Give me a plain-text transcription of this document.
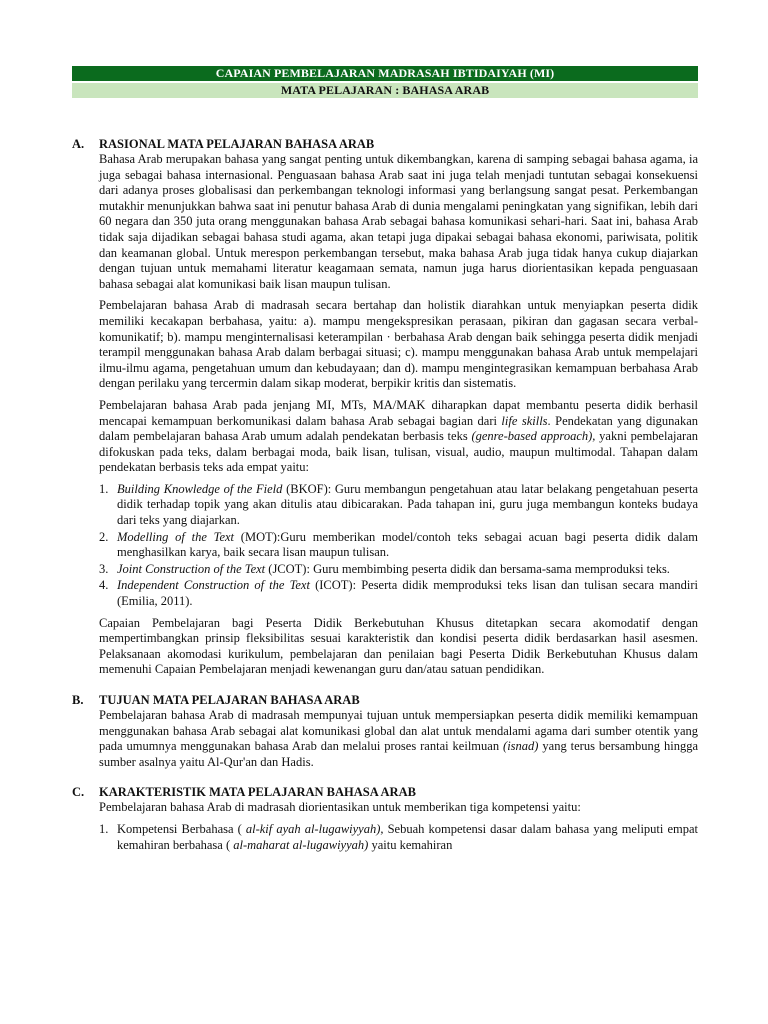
CAPAIAN PEMBELAJARAN MADRASAH IBTIDAIYAH (MI)
MATA PELAJARAN : BAHASA ARAB
A.	RASIONAL MATA PELAJARAN BAHASA ARAB

Bahasa Arab merupakan bahasa yang sangat penting untuk dikembangkan, karena di samping sebagai bahasa agama, ia juga sebagai bahasa internasional. Penguasaan bahasa Arab saat ini juga telah menjadi tuntutan sebagai konsekuensi dari adanya proses globalisasi dan perkembangan teknologi informasi yang berlangsung sangat pesat. Perkembangan mutakhir menunjukkan bahwa saat ini penutur bahasa Arab di dunia mengalami peningkatan yang signifikan, lebih dari 60 negara dan 350 juta orang menggunakan bahasa Arab sebagai bahasa komunikasi sehari-hari. Saat ini, bahasa Arab tidak saja dijadikan sebagai bahasa studi agama, akan tetapi juga dipakai sebagai bahasa ekonomi, pariwisata, politik dan keamanan global. Untuk merespon perkembangan tersebut, maka bahasa Arab juga tidak hanya cukup diajarkan dengan tujuan untuk memahami literatur keagamaan semata, namun juga harus diorientasikan kepada penguasaan bahasa sebagai alat komunikasi baik lisan maupun tulisan.

Pembelajaran bahasa Arab di madrasah secara bertahap dan holistik diarahkan untuk menyiapkan peserta didik memiliki kecakapan berbahasa, yaitu: a). mampu mengekspresikan perasaan, pikiran dan gagasan secara verbal-komunikatif; b). mampu menginternalisasi keterampilan · berbahasa Arab dengan baik sehingga peserta didik menjadi terampil menggunakan bahasa Arab dalam berbagai situasi; c). mampu menggunakan bahasa Arab untuk mempelajari ilmu-ilmu agama, pengetahuan umum dan kebudayaan; dan d). mampu mengintegrasikan kemampuan berbahasa Arab dengan perilaku yang tercermin dalam sikap moderat, berpikir kritis dan sistematis.

Pembelajaran bahasa Arab pada jenjang MI, MTs, MA/MAK diharapkan dapat membantu peserta didik berhasil mencapai kemampuan berkomunikasi dalam bahasa Arab sebagai bagian dari life skills. Pendekatan yang digunakan dalam pembelajaran bahasa Arab umum adalah pendekatan berbasis teks (genre-based approach), yakni pembelajaran difokuskan pada teks, dalam berbagai moda, baik lisan, tulisan, visual, audio, maupun multimodal. Tahapan dalam pendekatan berbasis teks ada empat yaitu:

1. Building Knowledge of the Field (BKOF): Guru membangun pengetahuan atau latar belakang pengetahuan peserta didik terhadap topik yang akan ditulis atau dibicarakan. Pada tahapan ini, guru juga membangun konteks budaya dari teks yang diajarkan.
2. Modelling of the Text (MOT):Guru memberikan model/contoh teks sebagai acuan bagi peserta didik dalam menghasilkan karya, baik secara lisan maupun tulisan.
3. Joint Construction of the Text (JCOT): Guru membimbing peserta didik dan bersama-sama memproduksi teks.
4. Independent Construction of the Text (ICOT): Peserta didik memproduksi teks lisan dan tulisan secara mandiri (Emilia, 2011).

Capaian Pembelajaran bagi Peserta Didik Berkebutuhan Khusus ditetapkan secara akomodatif dengan mempertimbangkan prinsip fleksibilitas sesuai karakteristik dan kondisi peserta didik berdasarkan hasil asesmen. Pelaksanaan akomodasi kurikulum, pembelajaran dan penilaian bagi Peserta Didik Berkebutuhan Khusus dalam memenuhi Capaian Pembelajaran menjadi kewenangan guru dan/atau satuan pendidikan.

B.	TUJUAN MATA PELAJARAN BAHASA ARAB

Pembelajaran bahasa Arab di madrasah mempunyai tujuan untuk mempersiapkan peserta didik memiliki kemampuan menggunakan bahasa Arab sebagai alat komunikasi global dan alat untuk mendalami agama dari sumber otentik yang pada umumnya menggunakan bahasa Arab dan melalui proses rantai keilmuan (isnad) yang terus bersambung hingga sumber asalnya yaitu Al-Qur'an dan Hadis.

C.	KARAKTERISTIK MATA PELAJARAN BAHASA ARAB

Pembelajaran bahasa Arab di madrasah diorientasikan untuk memberikan tiga kompetensi yaitu:

1. Kompetensi Berbahasa ( al-kif ayah al-lugawiyyah), Sebuah kompetensi dasar dalam bahasa yang meliputi empat kemahiran berbahasa ( al-maharat al-lugawiyyah) yaitu kemahiran
